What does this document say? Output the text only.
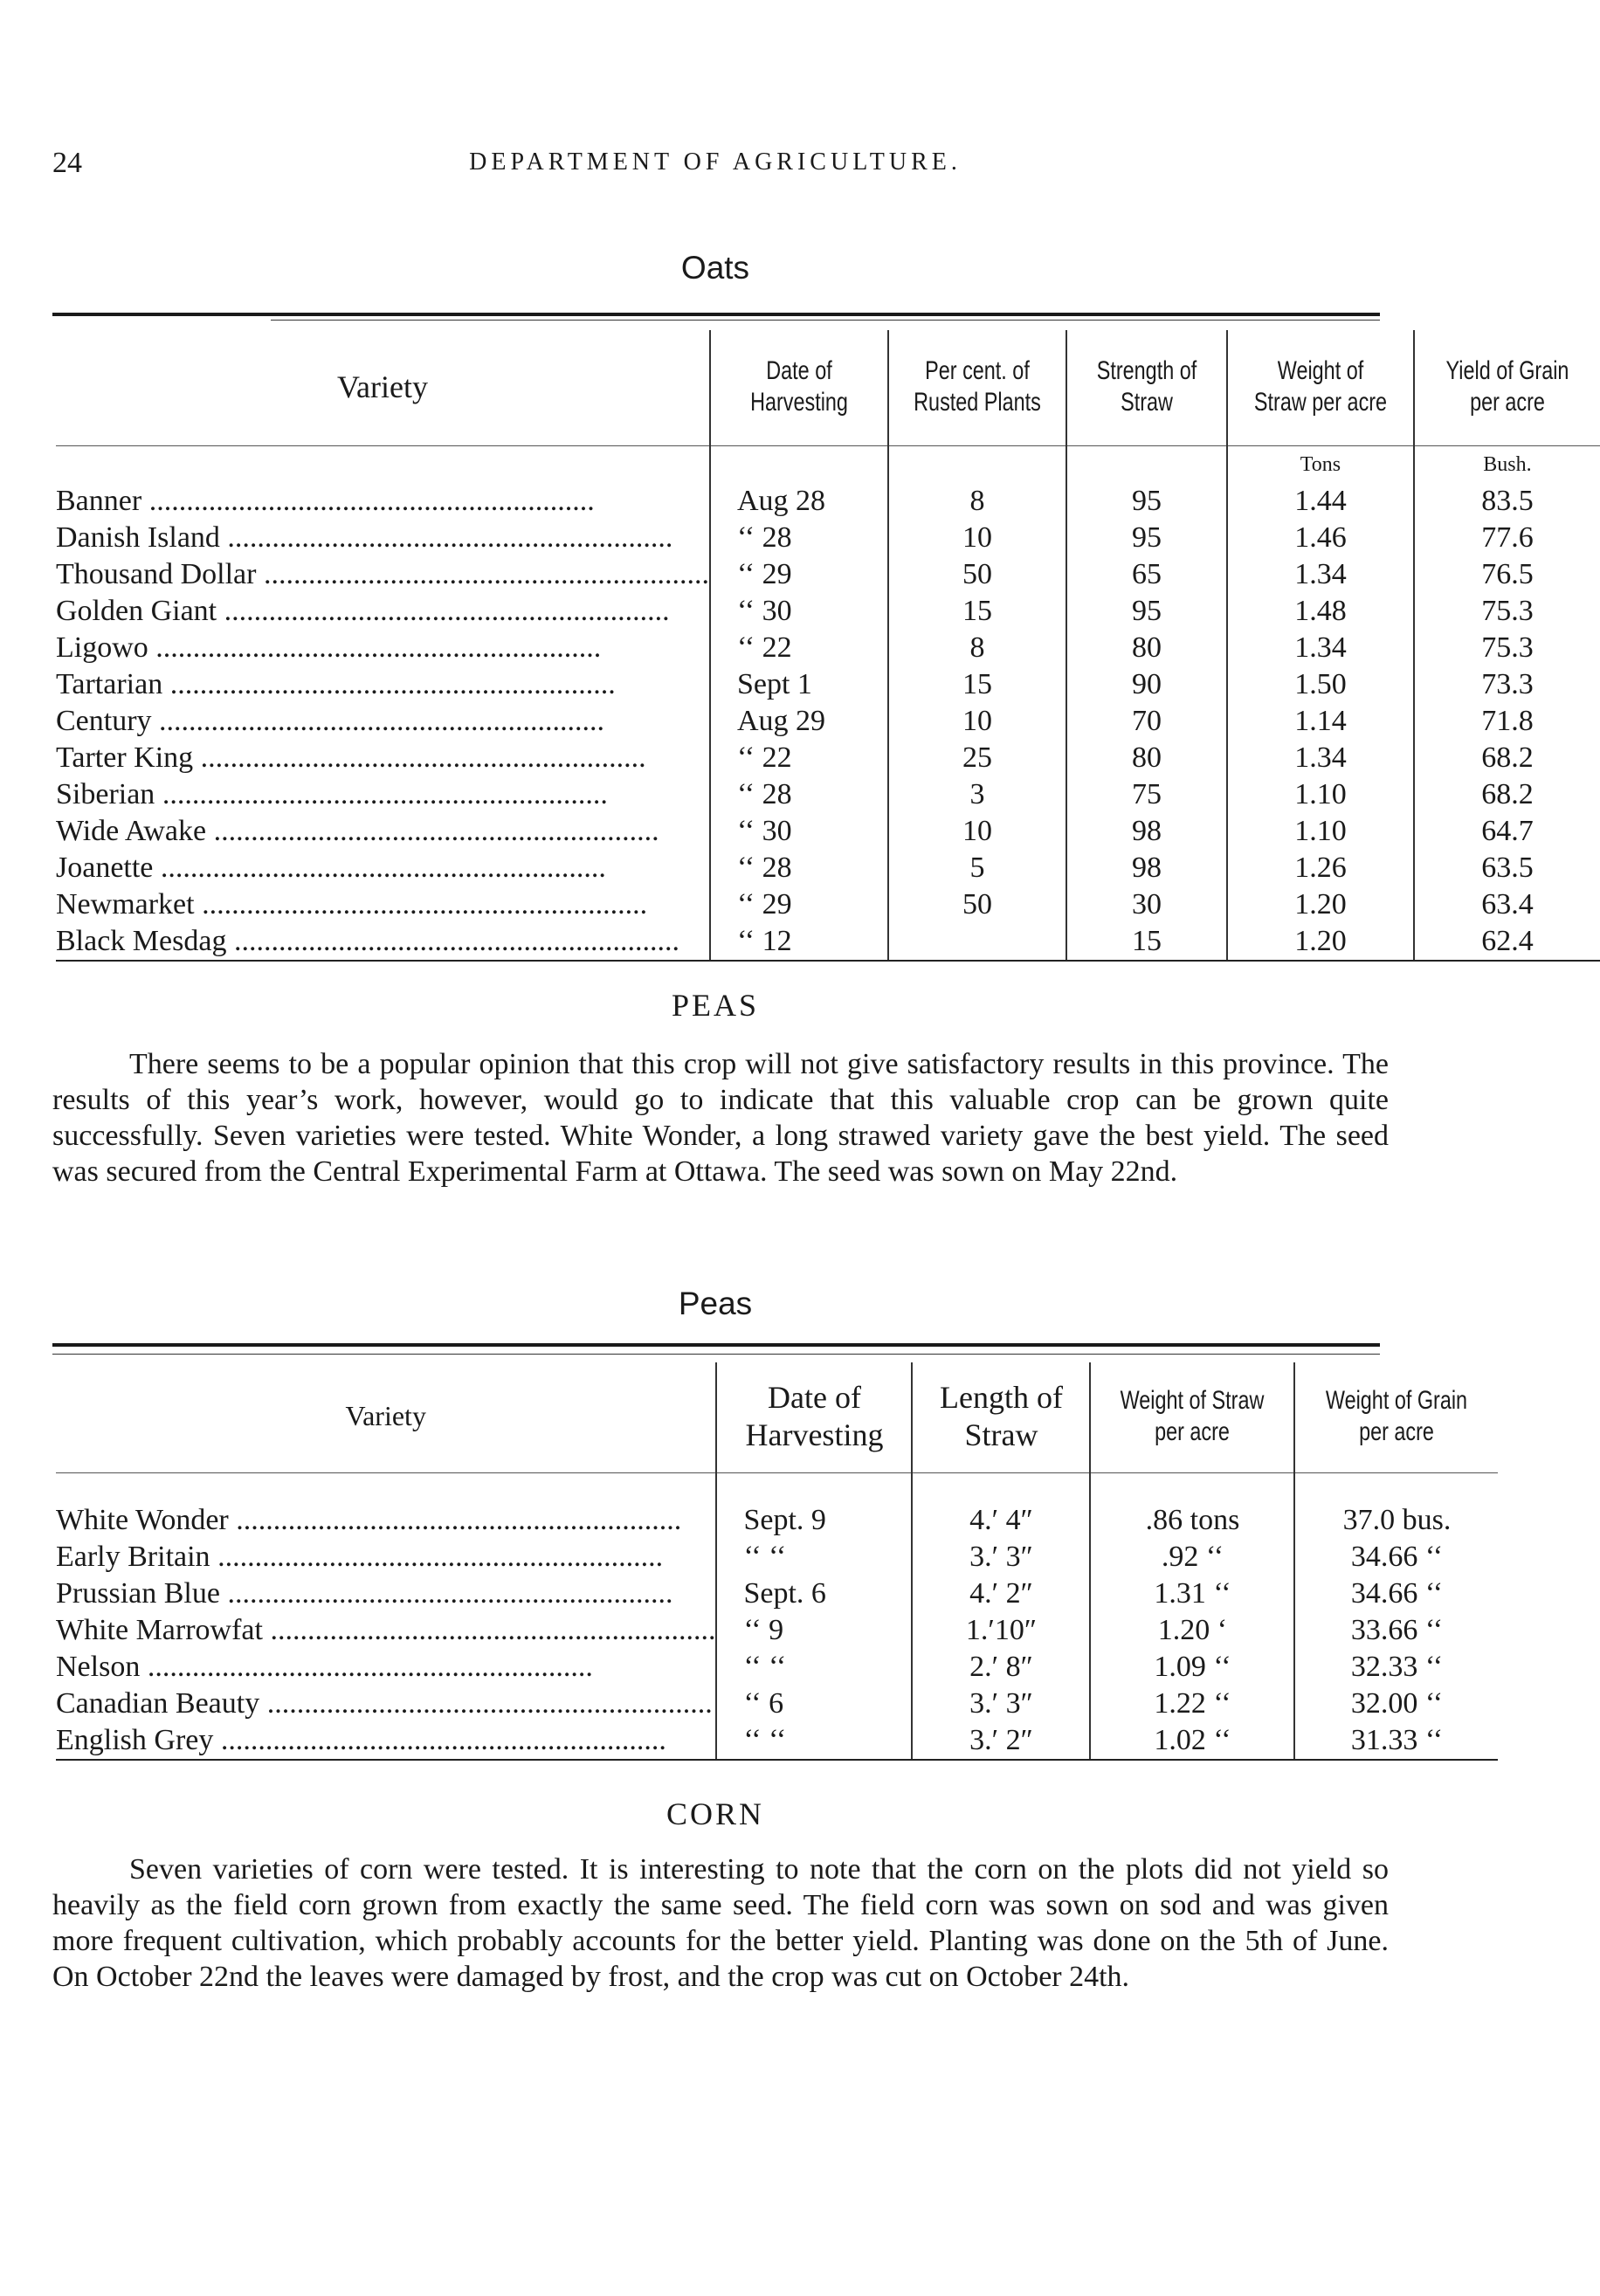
24	DEPARTMENT OF AGRICULTURE.
Oats
Variety	Date of Harvesting	Per cent. of Rusted Plants	Strength of Straw	Weight of Straw per acre	Yield of Grain per acre
				Tons	Bush.

Banner .....	Aug 28	8	95	1.44	83.5

Danish Island .....	‘‘ 28	10	95	1.46	77.6

Thousand Dollar .....	‘‘ 29	50	65	1.34	76.5

Golden Giant .....	‘‘ 30	15	95	1.48	75.3

Ligowo .....	‘‘ 22	8	80	1.34	75.3

Tartarian .....	Sept 1	15	90	1.50	73.3

Century .....	Aug 29	10	70	1.14	71.8

Tarter King .....	‘‘ 22	25	80	1.34	68.2

Siberian .....	‘‘ 28	3	75	1.10	68.2

Wide Awake .....	‘‘ 30	10	98	1.10	64.7

Joanette .....	‘‘ 28	5	98	1.26	63.5

Newmarket .....	‘‘ 29	50	30	1.20	63.4

Black Mesdag .....	‘‘ 12		15	1.20	62.4
PEAS
There seems to be a popular opinion that this crop will not give satisfactory results in this province. The results of this year’s work, however, would go to indicate that this valuable crop can be grown quite successfully. Seven varieties were tested. White Wonder, a long strawed variety gave the best yield. The seed was secured from the Central Experimental Farm at Ottawa. The seed was sown on May 22nd.
Peas
Variety	Date of Harvesting	Length of Straw	Weight of Straw per acre	Weight of Grain per acre

White Wonder .....	Sept. 9	4.′ 4″	.86 tons	37.0 bus.

Early Britain .....	‘‘ ‘‘	3.′ 3″	.92 ‘‘	34.66 ‘‘

Prussian Blue .....	Sept. 6	4.′ 2″	1.31 ‘‘	34.66 ‘‘

White Marrowfat .....	‘‘ 9	1.′10″	1.20 ‘	33.66 ‘‘

Nelson .....	‘‘ ‘‘	2.′ 8″	1.09 ‘‘	32.33 ‘‘

Canadian Beauty .....	‘‘ 6	3.′ 3″	1.22 ‘‘	32.00 ‘‘

English Grey .....	‘‘ ‘‘	3.′ 2″	1.02 ‘‘	31.33 ‘‘
CORN
Seven varieties of corn were tested. It is interesting to note that the corn on the plots did not yield so heavily as the field corn grown from exactly the same seed. The field corn was sown on sod and was given more frequent cultivation, which probably accounts for the better yield. Planting was done on the 5th of June. On October 22nd the leaves were damaged by frost, and the crop was cut on October 24th.
